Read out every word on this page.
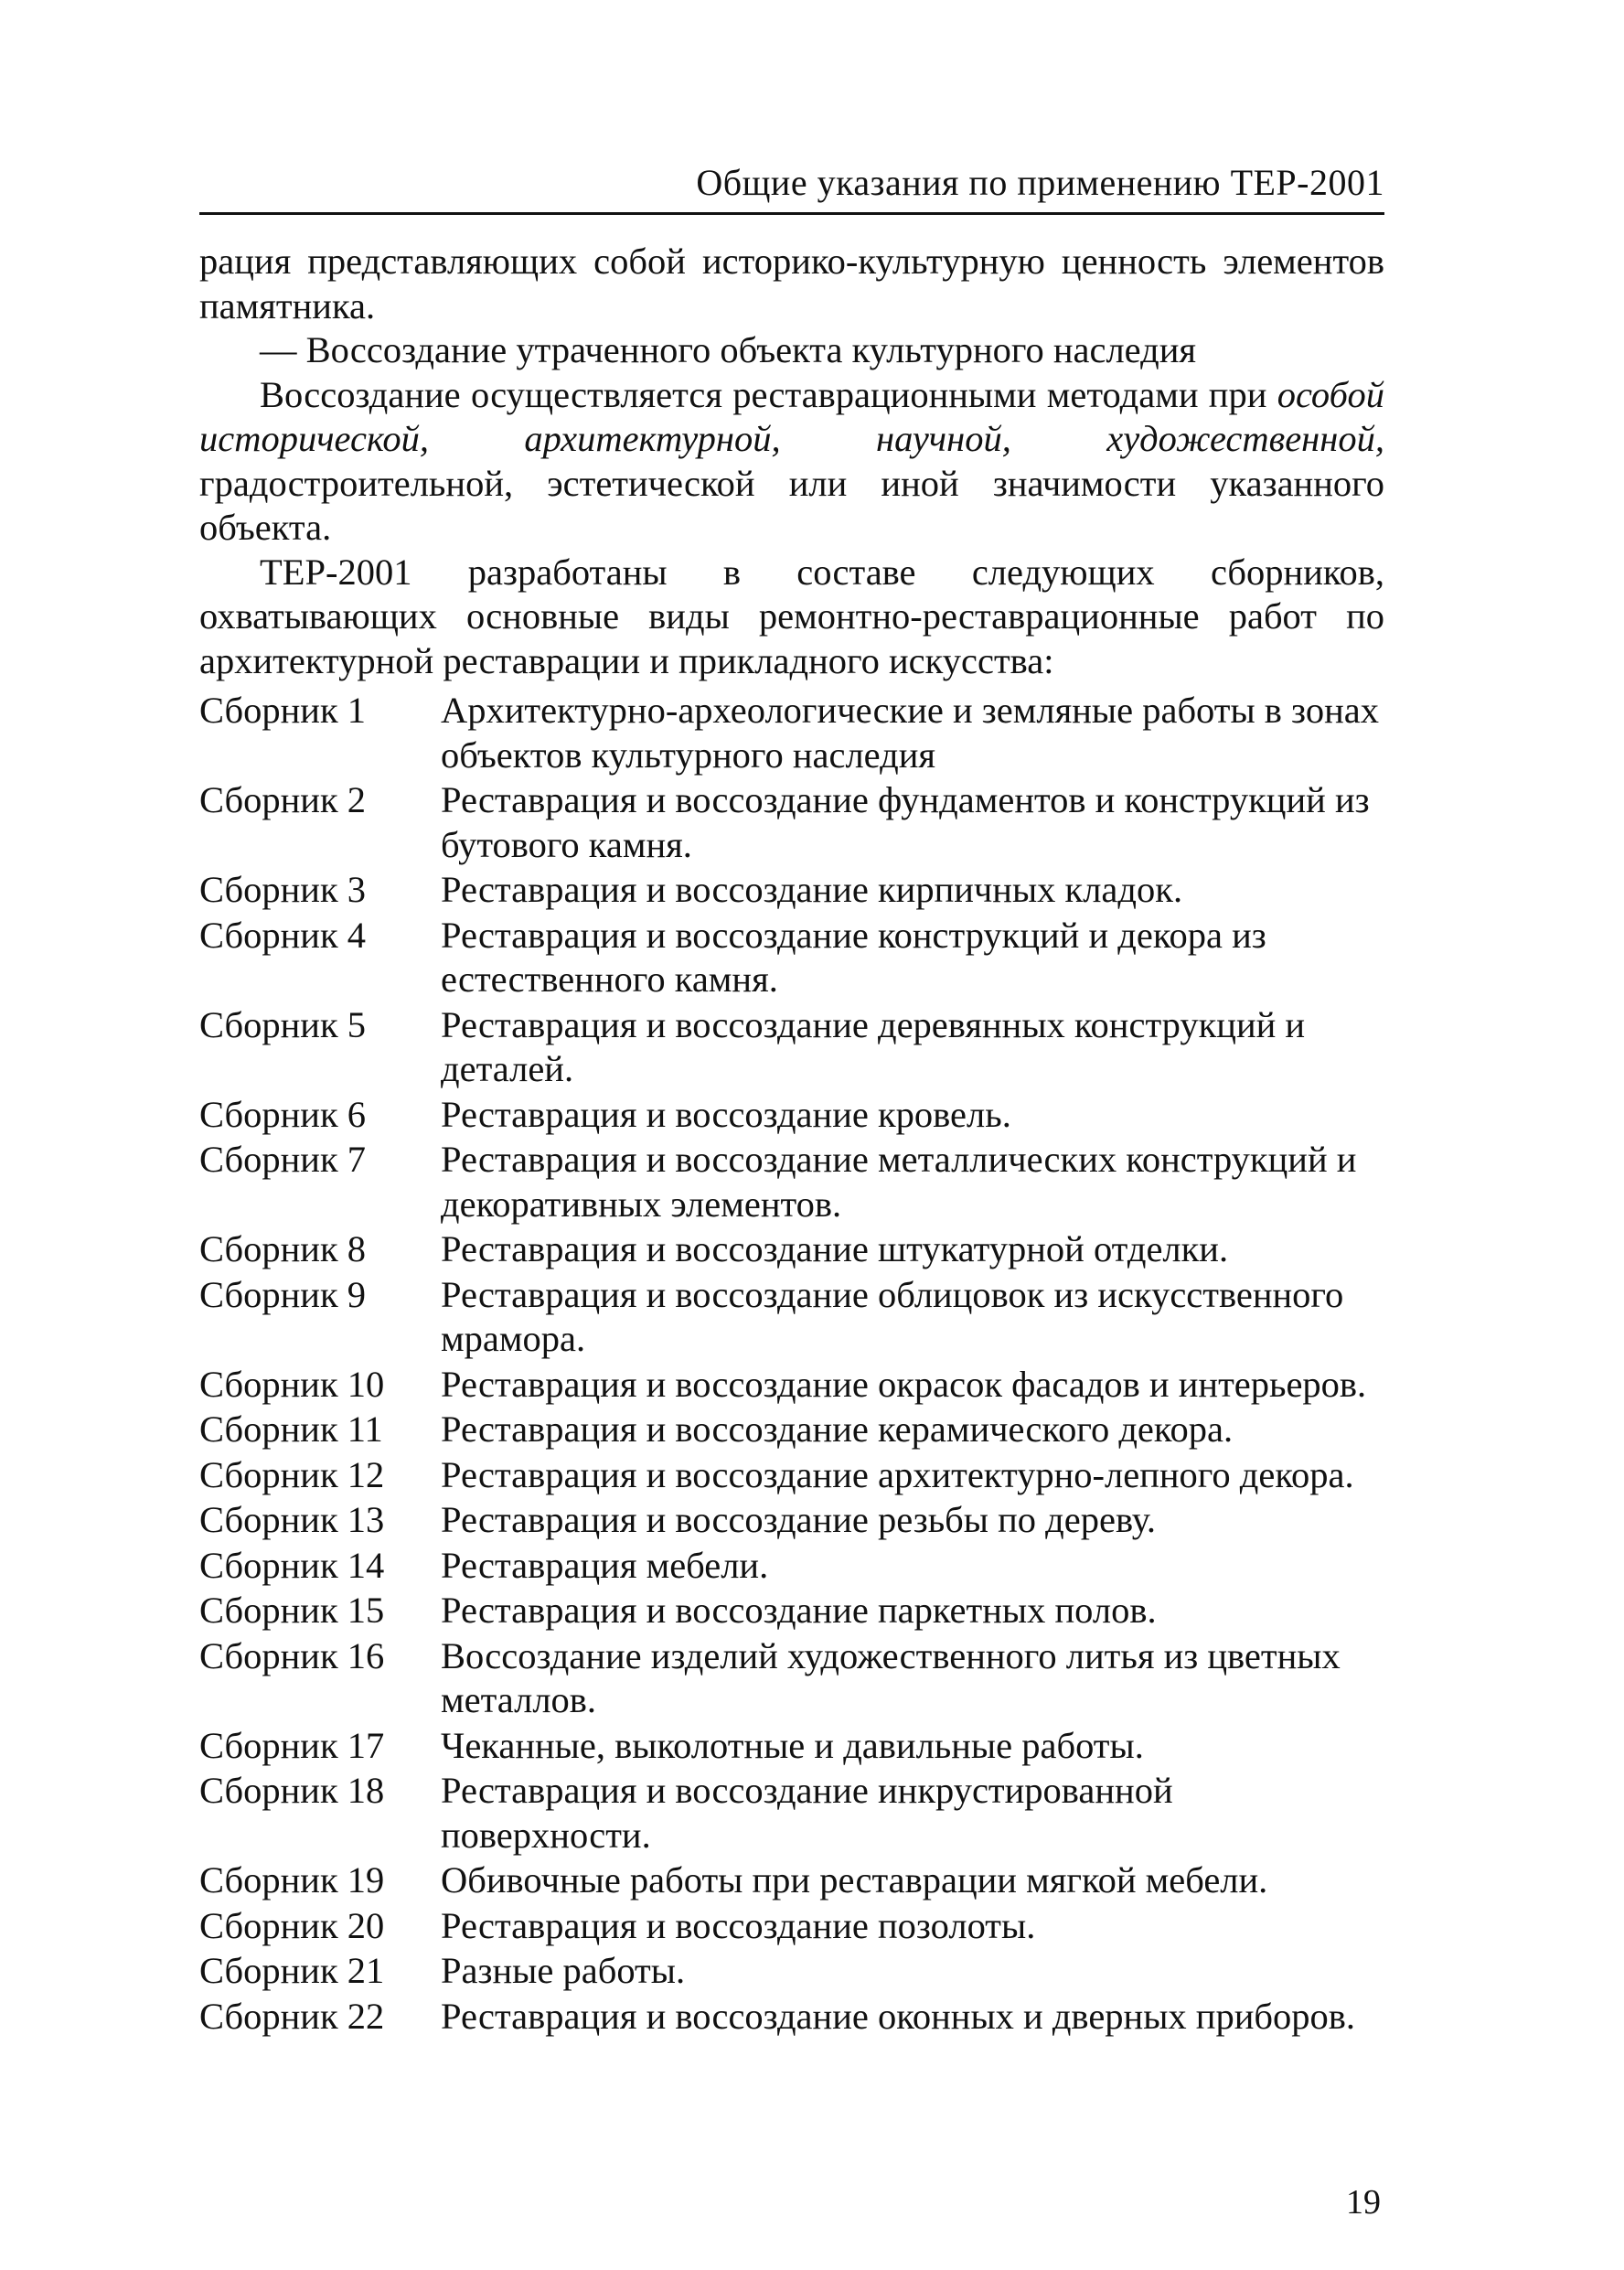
Общие указания по применению ТЕР-2001

рация представляющих собой историко-культурную ценность элементов памятника.

— Воссоздание утраченного объекта культурного наследия

Воссоздание осуществляется реставрационными методами при особой исторической, архитектурной, научной, художественной, градостроительной, эстетической или иной значимости указанного объекта.

ТЕР-2001 разработаны в составе следующих сборников, охватывающих основные виды ремонтно-реставрационные работ по архитектурной реставрации и прикладного искусства:

Сборник 1	Архитектурно-археологические и земляные работы в зонах объектов культурного наследия
Сборник 2	Реставрация и воссоздание фундаментов и конструкций из бутового камня.
Сборник 3	Реставрация и воссоздание кирпичных кладок.
Сборник 4	Реставрация и воссоздание конструкций и декора из естественного камня.
Сборник 5	Реставрация и воссоздание деревянных конструкций и деталей.
Сборник 6	Реставрация и воссоздание кровель.
Сборник 7	Реставрация и воссоздание металлических конструкций и декоративных элементов.
Сборник 8	Реставрация и воссоздание штукатурной отделки.
Сборник 9	Реставрация и воссоздание облицовок из искусственного мрамора.
Сборник 10	Реставрация и воссоздание окрасок фасадов и интерьеров.
Сборник 11	Реставрация и воссоздание керамического декора.
Сборник 12	Реставрация и воссоздание архитектурно-лепного декора.
Сборник 13	Реставрация и воссоздание резьбы по дереву.
Сборник 14	Реставрация мебели.
Сборник 15	Реставрация и воссоздание паркетных полов.
Сборник 16	Воссоздание изделий художественного литья из цветных металлов.
Сборник 17	Чеканные, выколотные и давильные работы.
Сборник 18	Реставрация и воссоздание инкрустированной поверхности.
Сборник 19	Обивочные работы при реставрации мягкой мебели.
Сборник 20	Реставрация и воссоздание позолоты.
Сборник 21	Разные работы.
Сборник 22	Реставрация и воссоздание оконных и дверных приборов.
19
